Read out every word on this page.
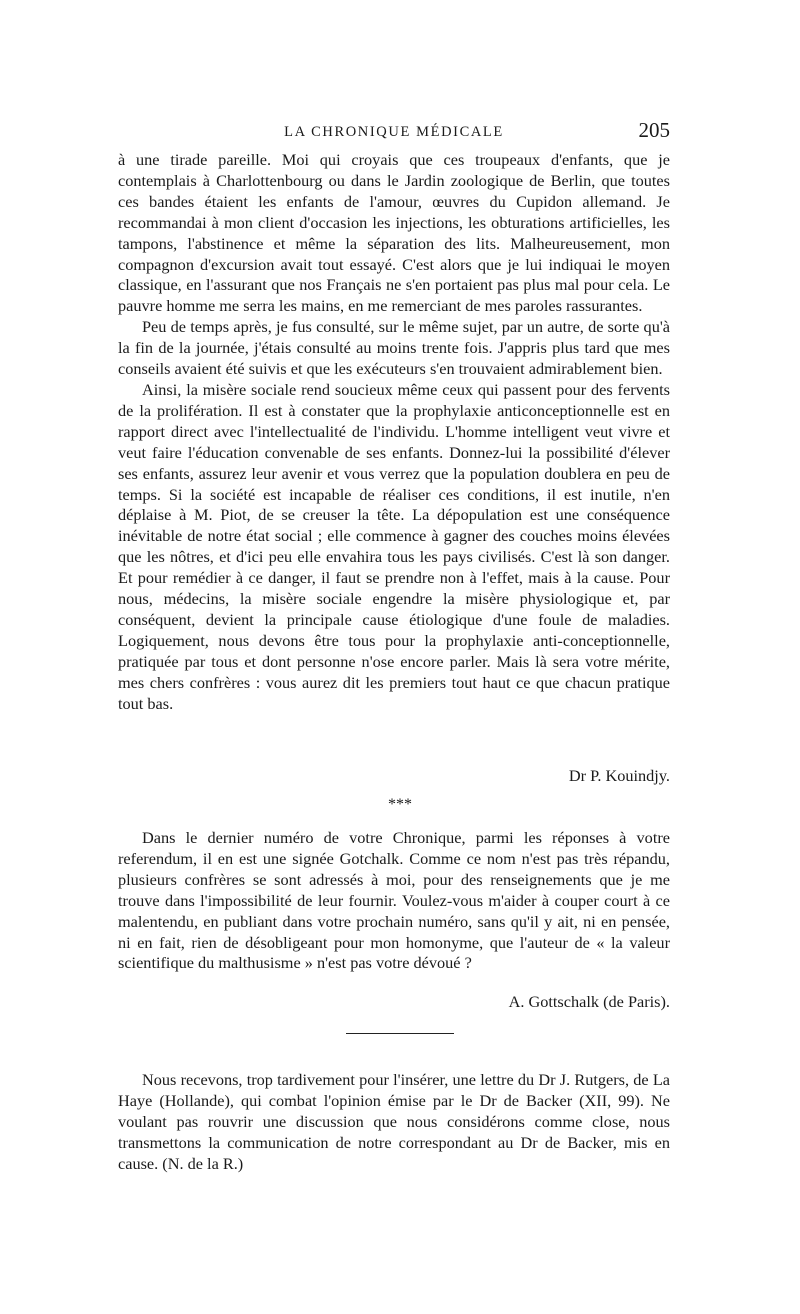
LA CHRONIQUE MÉDICALE	205

à une tirade pareille. Moi qui croyais que ces troupeaux d'enfants, que je contemplais à Charlottenbourg ou dans le Jardin zoologique de Berlin, que toutes ces bandes étaient les enfants de l'amour, œuvres du Cupidon allemand. Je recommandai à mon client d'occasion les injections, les obturations artificielles, les tampons, l'abstinence et même la séparation des lits. Malheureusement, mon compagnon d'excursion avait tout essayé. C'est alors que je lui indiquai le moyen classique, en l'assurant que nos Français ne s'en portaient pas plus mal pour cela. Le pauvre homme me serra les mains, en me remerciant de mes paroles rassurantes.

Peu de temps après, je fus consulté, sur le même sujet, par un autre, de sorte qu'à la fin de la journée, j'étais consulté au moins trente fois. J'appris plus tard que mes conseils avaient été suivis et que les exécuteurs s'en trouvaient admirablement bien.

Ainsi, la misère sociale rend soucieux même ceux qui passent pour des fervents de la prolifération. Il est à constater que la prophylaxie anticonceptionnelle est en rapport direct avec l'intellectualité de l'individu. L'homme intelligent veut vivre et veut faire l'éducation convenable de ses enfants. Donnez-lui la possibilité d'élever ses enfants, assurez leur avenir et vous verrez que la population doublera en peu de temps. Si la société est incapable de réaliser ces conditions, il est inutile, n'en déplaise à M. Piot, de se creuser la tête. La dépopulation est une conséquence inévitable de notre état social ; elle commence à gagner des couches moins élevées que les nôtres, et d'ici peu elle envahira tous les pays civilisés. C'est là son danger. Et pour remédier à ce danger, il faut se prendre non à l'effet, mais à la cause. Pour nous, médecins, la misère sociale engendre la misère physiologique et, par conséquent, devient la principale cause étiologique d'une foule de maladies. Logiquement, nous devons être tous pour la prophylaxie anti-conceptionnelle, pratiquée par tous et dont personne n'ose encore parler. Mais là sera votre mérite, mes chers confrères : vous aurez dit les premiers tout haut ce que chacun pratique tout bas.

Dr P. Kouindjy.
***

Dans le dernier numéro de votre Chronique, parmi les réponses à votre referendum, il en est une signée Gotchalk. Comme ce nom n'est pas très répandu, plusieurs confrères se sont adressés à moi, pour des renseignements que je me trouve dans l'impossibilité de leur fournir. Voulez-vous m'aider à couper court à ce malentendu, en publiant dans votre prochain numéro, sans qu'il y ait, ni en pensée, ni en fait, rien de désobligeant pour mon homonyme, que l'auteur de « la valeur scientifique du malthusisme » n'est pas votre dévoué ?

A. Gottschalk (de Paris).

Nous recevons, trop tardivement pour l'insérer, une lettre du Dr J. Rutgers, de La Haye (Hollande), qui combat l'opinion émise par le Dr de Backer (XII, 99). Ne voulant pas rouvrir une discussion que nous considérons comme close, nous transmettons la communication de notre correspondant au Dr de Backer, mis en cause. (N. de la R.)
